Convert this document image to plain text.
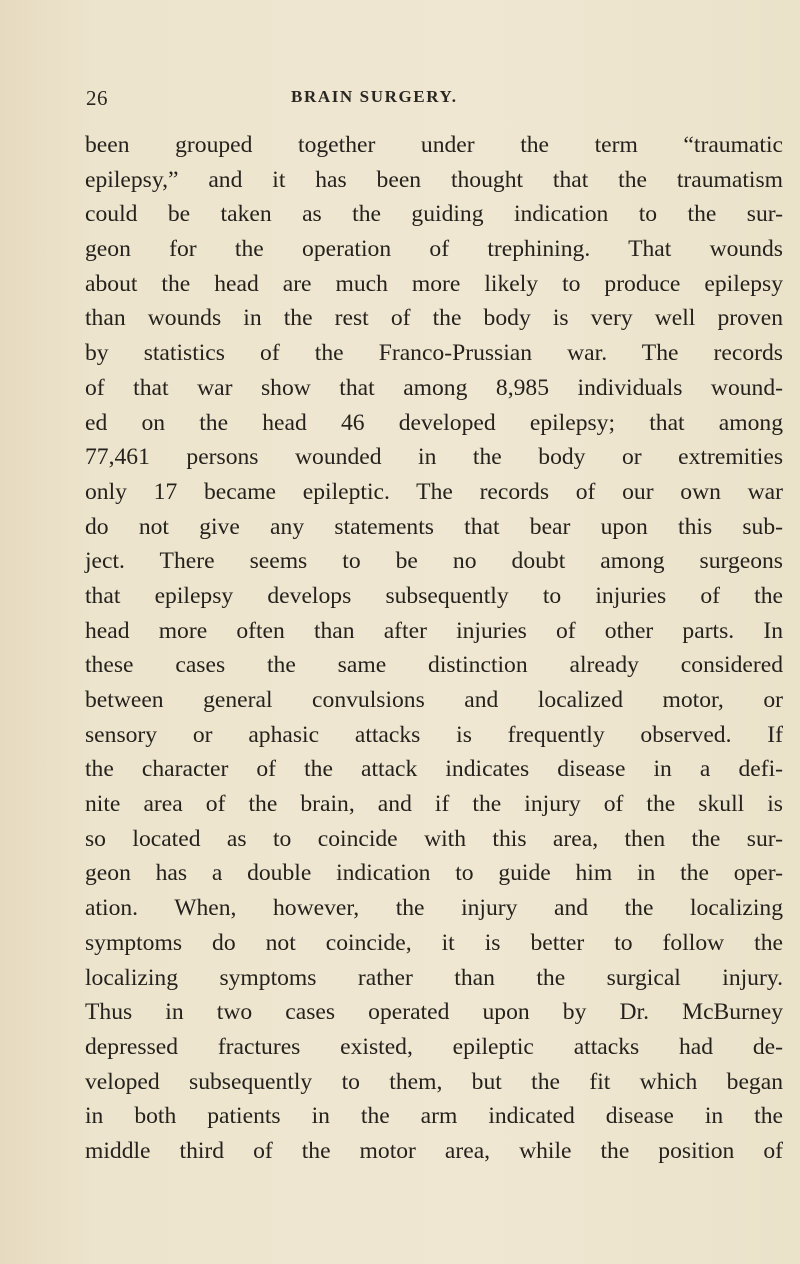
26	BRAIN SURGERY.
been grouped together under the term “traumatic
epilepsy,” and it has been thought that the traumatism
could be taken as the guiding indication to the sur-
geon for the operation of trephining. That wounds
about the head are much more likely to produce epilepsy
than wounds in the rest of the body is very well proven
by statistics of the Franco-Prussian war. The records
of that war show that among 8,985 individuals wound-
ed on the head 46 developed epilepsy; that among
77,461 persons wounded in the body or extremities
only 17 became epileptic. The records of our own war
do not give any statements that bear upon this sub-
ject. There seems to be no doubt among surgeons
that epilepsy develops subsequently to injuries of the
head more often than after injuries of other parts. In
these cases the same distinction already considered
between general convulsions and localized motor, or
sensory or aphasic attacks is frequently observed. If
the character of the attack indicates disease in a defi-
nite area of the brain, and if the injury of the skull is
so located as to coincide with this area, then the sur-
geon has a double indication to guide him in the oper-
ation. When, however, the injury and the localizing
symptoms do not coincide, it is better to follow the
localizing symptoms rather than the surgical injury.
Thus in two cases operated upon by Dr. McBurney
depressed fractures existed, epileptic attacks had de-
veloped subsequently to them, but the fit which began
in both patients in the arm indicated disease in the
middle third of the motor area, while the position of
